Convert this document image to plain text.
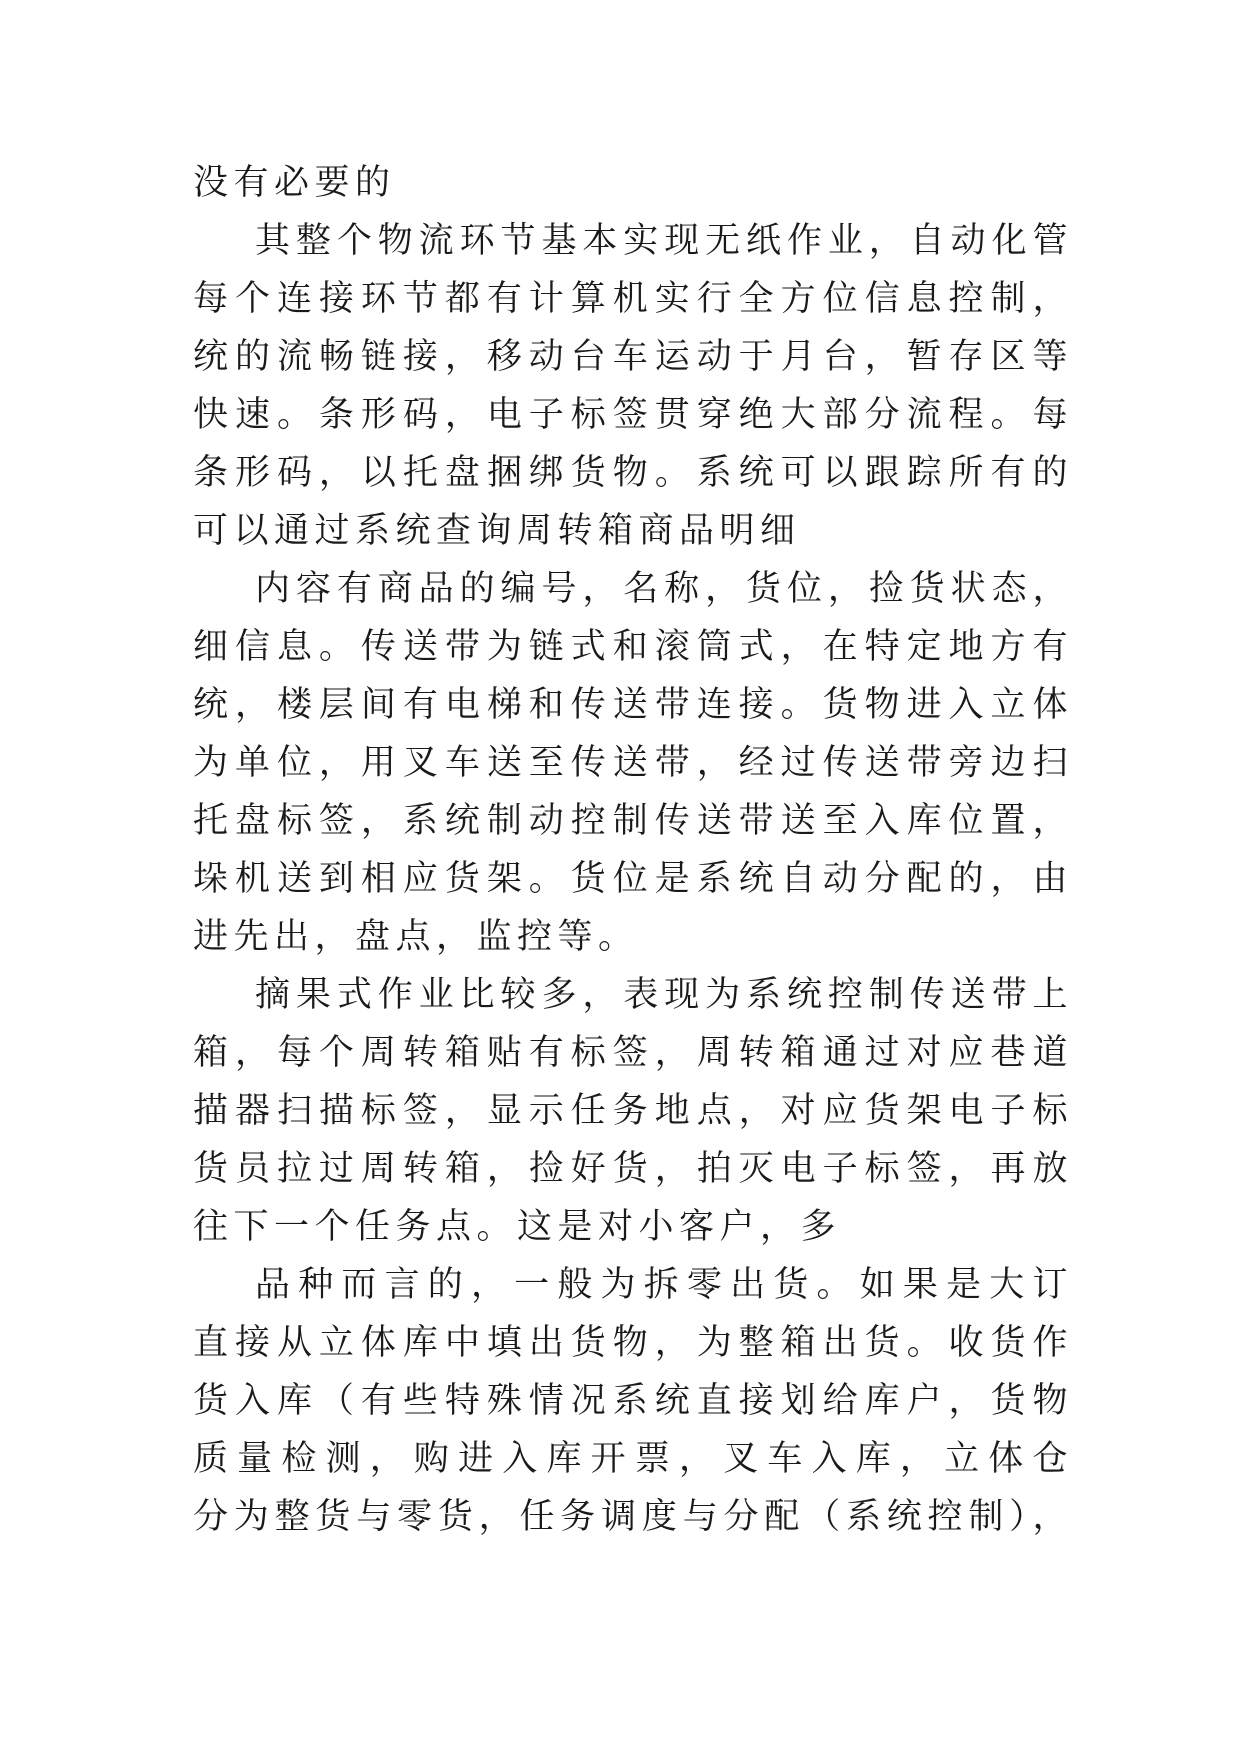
没有必要的
其整个物流环节基本实现无纸作业，自动化管
每个连接环节都有计算机实行全方位信息控制，
统的流畅链接，移动台车运动于月台，暂存区等
快速。条形码，电子标签贯穿绝大部分流程。每
条形码，以托盘捆绑货物。系统可以跟踪所有的
可以通过系统查询周转箱商品明细
内容有商品的编号，名称，货位，捡货状态，
细信息。传送带为链式和滚筒式，在特定地方有
统，楼层间有电梯和传送带连接。货物进入立体
为单位，用叉车送至传送带，经过传送带旁边扫
托盘标签，系统制动控制传送带送至入库位置，
垛机送到相应货架。货位是系统自动分配的，由
进先出，盘点，监控等。
摘果式作业比较多，表现为系统控制传送带上
箱，每个周转箱贴有标签，周转箱通过对应巷道
描器扫描标签，显示任务地点，对应货架电子标
货员拉过周转箱，捡好货，拍灭电子标签，再放
往下一个任务点。这是对小客户，多
品种而言的，一般为拆零出货。如果是大订
直接从立体库中填出货物，为整箱出货。收货作
货入库（有些特殊情况系统直接划给库户，货物
质量检测，购进入库开票，叉车入库，立体仓
分为整货与零货，任务调度与分配（系统控制），
